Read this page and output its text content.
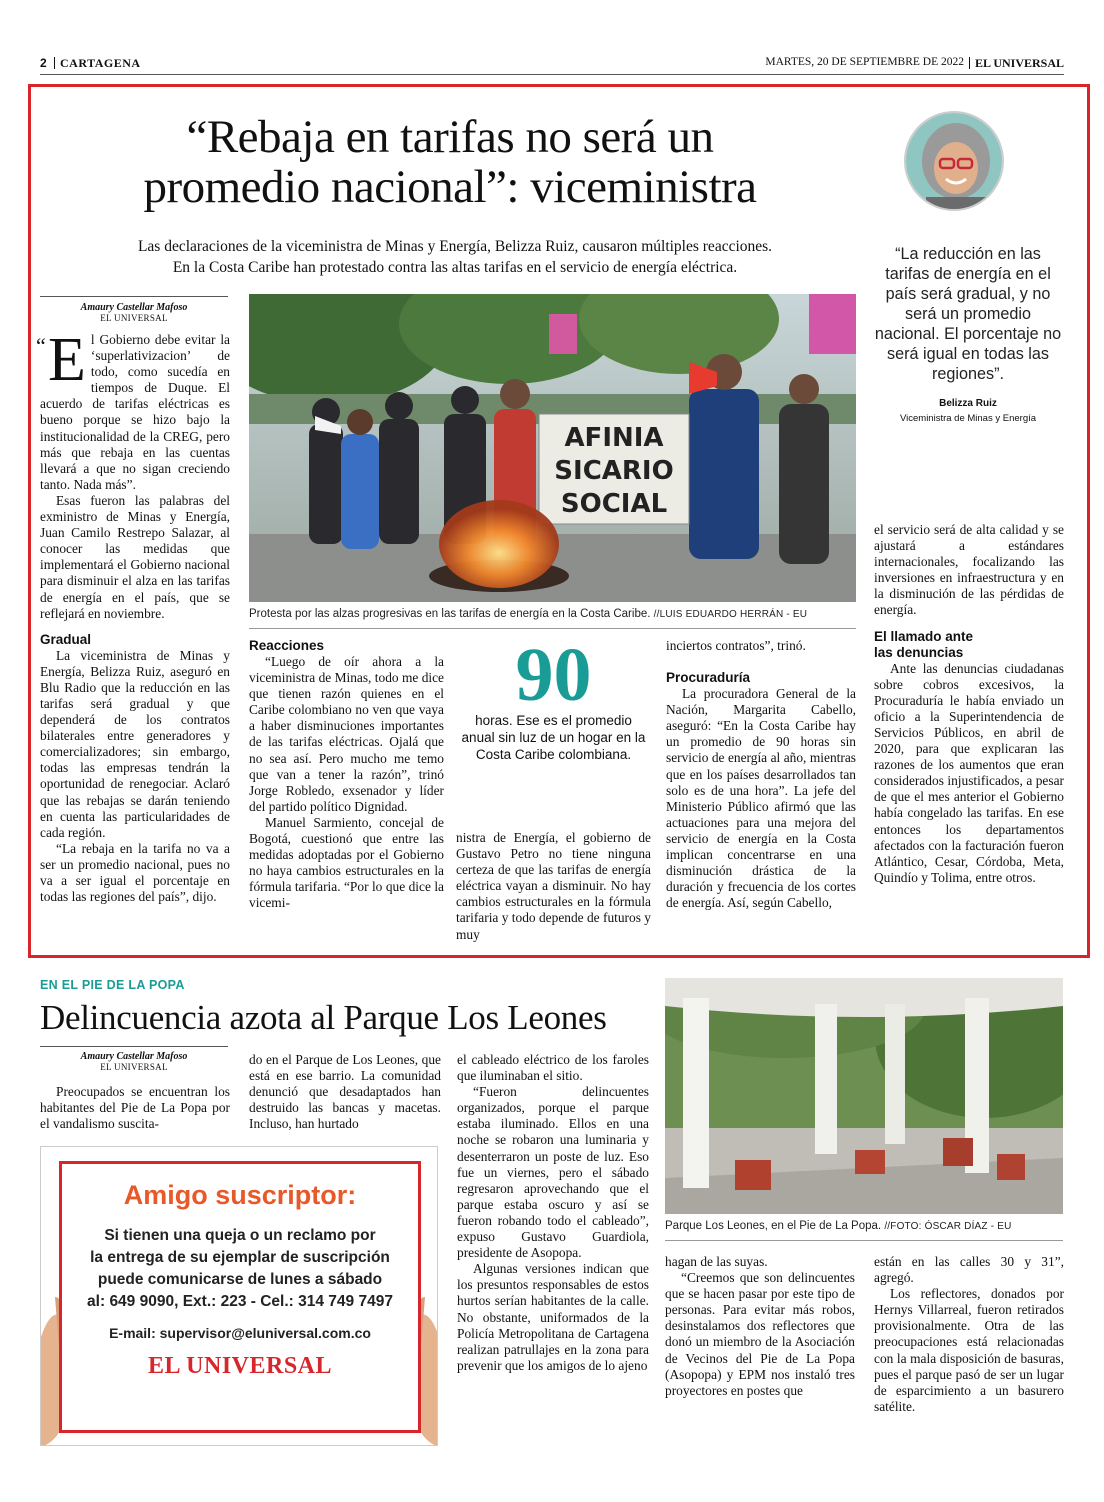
2 CARTAGENA	MARTES, 20 DE SEPTIEMBRE DE 2022 EL UNIVERSAL
“Rebaja en tarifas no será un
promedio nacional”: viceministra
Las declaraciones de la viceministra de Minas y Energía, Belizza Ruiz, causaron múltiples reacciones.
En la Costa Caribe han protestado contra las altas tarifas en el servicio de energía eléctrica.
Amaury Castellar Mafoso
EL UNIVERSAL

“ E l Gobierno debe evitar la ‘superlativizacion’ de todo, como sucedía en tiempos de Duque. El acuerdo de tarifas eléctricas es bueno porque se hizo bajo la institucionalidad de la CREG, pero más que rebaja en las cuentas llevará a que no sigan creciendo tanto. Nada más”.

Esas fueron las palabras del exministro de Minas y Energía, Juan Camilo Restrepo Salazar, al conocer las medidas que implementará el Gobierno nacional para disminuir el alza en las tarifas de energía en el país, que se reflejará en noviembre.

Gradual

La viceministra de Minas y Energía, Belizza Ruiz, aseguró en Blu Radio que la reducción en las tarifas será gradual y que dependerá de los contratos bilaterales entre generadores y comercializadores; sin embargo, todas las empresas tendrán la oportunidad de renegociar. Aclaró que las rebajas se darán teniendo en cuenta las particularidades de cada región.

“La rebaja en la tarifa no va a ser un promedio nacional, pues no va a ser igual el porcentaje en todas las regiones del país”, dijo.

AFINIA
SICARIO
SOCIAL
Protesta por las alzas progresivas en las tarifas de energía en la Costa Caribe. //LUIS EDUARDO HERRÁN - EU
Reacciones

“Luego de oír ahora a la viceministra de Minas, todo me dice que tienen razón quienes en el Caribe colombiano no ven que vaya a haber disminuciones importantes de las tarifas eléctricas. Ojalá que no sea así. Pero mucho me temo que van a tener la razón”, trinó Jorge Robledo, exsenador y líder del partido político Dignidad.

Manuel Sarmiento, concejal de Bogotá, cuestionó que entre las medidas adoptadas por el Gobierno no haya cambios estructurales en la fórmula tarifaria. “Por lo que dice la vicemi-

90
horas. Ese es el promedio anual sin luz de un hogar en la Costa Caribe colombiana.

nistra de Energía, el gobierno de Gustavo Petro no tiene ninguna certeza de que las tarifas de energía eléctrica vayan a disminuir. No hay cambios estructurales en la fórmula tarifaria y todo depende de futuros y muy

inciertos contratos”, trinó.

Procuraduría

La procuradora General de la Nación, Margarita Cabello, aseguró: “En la Costa Caribe hay un promedio de 90 horas sin servicio de energía al año, mientras que en los países desarrollados tan solo es de una hora”. La jefe del Ministerio Público afirmó que las actuaciones para una mejora del servicio de energía en la Costa implican concentrarse en una disminución drástica de la duración y frecuencia de los cortes de energía. Así, según Cabello,

“La reducción en las tarifas de energía en el país será gradual, y no será un promedio nacional. El porcentaje no será igual en todas las regiones”.
Belizza Ruiz
Viceministra de Minas y Energía

el servicio será de alta calidad y se ajustará a estándares internacionales, focalizando las inversiones en infraestructura y en la disminución de las pérdidas de energía.

El llamado ante
las denuncias

Ante las denuncias ciudadanas sobre cobros excesivos, la Procuraduría le había enviado un oficio a la Superintendencia de Servicios Públicos, en abril de 2020, para que explicaran las razones de los aumentos que eran considerados injustificados, a pesar de que el mes anterior el Gobierno había congelado las tarifas. En ese entonces los departamentos afectados con la facturación fueron Atlántico, Cesar, Córdoba, Meta, Quindío y Tolima, entre otros.

EN EL PIE DE LA POPA
Delincuencia azota al Parque Los Leones
Amaury Castellar Mafoso
EL UNIVERSAL

Preocupados se encuentran los habitantes del Pie de La Popa por el vandalismo suscita-

do en el Parque de Los Leones, que está en ese barrio. La comunidad denunció que desadaptados han destruido las bancas y macetas. Incluso, han hurtado

el cableado eléctrico de los faroles que iluminaban el sitio.

“Fueron delincuentes organizados, porque el parque estaba iluminado. Ellos en una noche se robaron una luminaria y desenterraron un poste de luz. Eso fue un viernes, pero el sábado regresaron aprovechando que el parque estaba oscuro y así se fueron robando todo el cableado”, expuso Gustavo Guardiola, presidente de Asopopa.

Algunas versiones indican que los presuntos responsables de estos hurtos serían habitantes de la calle. No obstante, uniformados de la Policía Metropolitana de Cartagena realizan patrullajes en la zona para prevenir que los amigos de lo ajeno

Parque Los Leones, en el Pie de La Popa. //FOTO: ÓSCAR DÍAZ - EU

hagan de las suyas.

“Creemos que son delincuentes que se hacen pasar por este tipo de personas. Para evitar más robos, desinstalamos dos reflectores que donó un miembro de la Asociación de Vecinos del Pie de La Popa (Asopopa) y EPM nos instaló tres proyectores en postes que

están en las calles 30 y 31”, agregó.

Los reflectores, donados por Hernys Villarreal, fueron retirados provisionalmente. Otra de las preocupaciones está relacionadas con la mala disposición de basuras, pues el parque pasó de ser un lugar de esparcimiento a un basurero satélite.

Amigo suscriptor:
Si tienen una queja o un reclamo por
la entrega de su ejemplar de suscripción
puede comunicarse de lunes a sábado
al: 649 9090, Ext.: 223 - Cel.: 314 749 7497
E-mail: supervisor@eluniversal.com.co
EL UNIVERSAL
